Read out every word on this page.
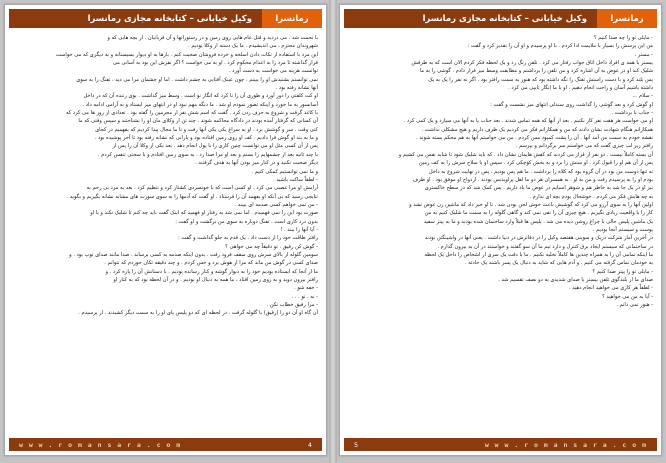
رمانسرا
وکیل خیابانی – کتابخانه مجازی رمانسرا

با تحمت شد . می دزدید و قتل عام هایی روی زمین و در رستورانها و آن قربانیان . از بچه هایی که و

شهروندان محترم ، می اندیشیدم . ما یک دسته از وکلا بودیم .

این مرد با استفاده از نکات دادن اسلحه و خرده فروشان صحبت کنم . بارها به او دیوار بسیستانه و به دیگری که می خواست

قرار گذاشته تا مرد را به اعدام محکوم کرد . او به می خواست ؟ اگر نفرش این بود به آسانی می

توانست هزینه می خواست به دست آورد .

نمی توانستم بشنیدش او را ببینم . چون عینک آفتابی به چشم داشت . اما او چشمان مرا می دید . تفنگ را به سوی

آنها نشانه رفته بود .

او کت کلفتی را دور آورد و طوری آن را تا کرد که انگار نو است . وسط میز گذاشت . بوی زننده آن که در داخل

آسانسور به ما خورد و اینکه تصور نمودم او شد . ما دیگه مهم نبود او در انتهای میز ایستاد و به آرامی ادامه داد .

با کاغذ گرفت و شروع به حرف زدن کرد . گفت که اسم شش نفر از مجرمین را گفته بود . تعدادی از روز ها می کرد که

آن کسانی که گرفتار آمده بودند در دادگاه محاکمه شوند . چند تن از وکلای مان او را نشناختند و سپس وقتی که ما

کنی وقت . سر و گوشش برد . او به سراغ یکی یکی آنها رفت و تا ما مجال پیدا کردیم که بفهمیم در کجای

و ما به بند او گوش فرا دادیم . کف او روی زمین افتاده بود و بارانی که نشانه رفته بود تا آخر پوشیده بود .

پس از آن کسی مثل او می توانست چنین کاری را با پول انجام دهد . بعد یکی از وکلا آن را پس از

با چند ثانیه بعد از چشمهایم را بستم و بعد او مرا صدا زد . به سوی زمین افتادم و با سختی تنفس کردم .

دیگر صحبت نکنید و در کنار میز بودن آنها به هدف گرفتند .

و ما نمی توانستیم کمکی کنیم .

- لطفاً ساکت باشید .

آرامش او مرا عصبی می کرد . او کسی است که با خونسردی کشتار کرد و تنظیم کرد . بعد به مرد بی رحم به

نتایجی رسید که بی آنکه او بفهمد آن را فرستاد . او گفت که آدمها را به سوی سورت های مشابه نشانه بگیریم و بگوید .

- من نمی خواهم کسی صدمه ای ببیند .

صورت بود این را نمی فهمیدم . اما نمی شد به رفتار او فهمید که اینک گفت باید چه کنم تا شلیک نکند و با او

بدون درد کاری است . تفنگ دوباره به سوی من برگشت و او گفت :

- آیا آنها را ببند . !

رافتر طاقت خود را از دست داد . یک قدم به جلو گذاشت و گفت :

- گوش کن رفیق . تو دقیقاً چه می خواهی ؟

سومین گلوله از بالای سرش روی سقف فرود رفت . بدون اینکه صدمه به کسی برساند . صدا مانند صدای توپ بود . و

صدای کسی در گوش من ماند که مرا از هوش برد و حس کردم . و چند دقیقه تکان خوردم که نتوانم .

ما از آنجا که ایستاده بودیم خود را به دیوار گوشه و کنار رسانده بودیم . با دستانش آن را پاره کرد . و

رافتر بیرون دوید و به روی زمین افتاد ، ما همه به دنبال او بودیم . و در آن لحظه بود که به کنار او

- خفه شو .

- نه . تو . . .

- مرا رفیق خطاب نکن .

آن گاه او آن دو را (رفیق) با گلوله گرفت . در لحظه ای که دو پلیس پای او را به سمت دیگر کشیدند . از پرسیدم .

w w w . r o m a n s a r a . c o m	4
رمانسرا
وکیل خیابانی – کتابخانه مجازی رمانسرا

- مایلی تو را چه صدا کنیم ؟

من این پرسش را بسیار با ملایمت ادا کردم . با او پرسیدم و او آن را تقدیر کرد و گفت :

- مستر .

بیستر با همه ی افراد داخل اتاق جواب رفتار می کرد . تلفن زنگ زد و یک لحظه فکر کردم الان است که به طرفش

شلیک کند او در عوض به آن اشاره کرد و من تلفن را برداشتم و مطابقت وسط میز قرار دادم . گوشی را به ما

پس بلند کرد و با دست راستش تفنگ را نگه داشته بود که هنوز به سمت رافتر بود . اگر نه نفر را یک به یک

داشته باشیم آسان و راحت انجام دهیم . او با ما انگار تایپی می کرد .

- سلام ...

او گوش کرد و بعد گوشی را گذاشت روی سندلی انتهای میز نشست و گفت :

- جناب با برداشت .

او می خواست هر هفت نفر کار بکنیم . بعد از آنها که همه تماس شدند . بعد جناب پا به آنها می سپارد و یک کمی کرد .

همکارانم هنگام شهادت نشان دادند که من و همکارانم فکر می کردیم یک ظرف داریم و هیچ مشکلی نداشت .

نقشه خودم به سمت من آمد آنها . آن را پشت کمپود مس کردم . من می خواستم آنها به هم محکم بسته شوند .

رافتر زیر لب چیزی گفت که می خواستم سر برگردانم و بپرسم .

آن بسته کاملاً نیست . دو نفر از قرار می کردند که کفش هایمان نشان داد . که باید شلیک شود تا شاید نفس می کشیم و

پس از آن هم او را قبول کرد . او سنش را برد و به بخش کوچکی کرد . سپس او با سلاح سرش را به کف زمین

نه تنها دوست من بود در آن گروه بود که کلاه را برداشت . ما هم پس بودیم . پس در نهایت شروع به داخل

بودم او را به پرسیدم رفت و من به او . به همسران هر دو ما اهل پراویدنس بودند . ازدواج او موفق بود . او ظرف

نیز او در یک جا شد به خاطر هم و شوهر اسبابم در عوض ما یاد داریم . پس کمک شد که در سطح خاکستری

به چه هایش فکر می کردم . خوشحال بودم بچه ای ندارم .

اولین آنها را به سوی آرزو می کرد که گوشیش باعث خوش لحن بودن شد . تا او خبر داد که ماشین زن عوض نشد و

کار را با واقعیت زیادی نگیریم . هیچ چیزی آن را نفی نمی کند و گاهی گلوله را به سمت ما شلیک کنیم به من

یک ماشین پلیس حالی با چراغ روشن دیده می شد . پلیس ها قبلاً وارد ساختمان شده بودند و ما به پیتر سفید

پوست و سیستم آنجا بودیم .

در آخرین آمار شرکت دریک و سوینی هفتصد وکیل را در دفاترش در دنیا داشت . یعنی آنها در واشینگتن بودند

در ساختمانی که سیستم ایجاد برق کنترل و دارد تیم ما آن سو گفتند و خواستند در آن به بیرون گذارم .

ما اینکه تمامی آن را به همراه چندین ها کاملاً تخلیه نکنیم . ما با دقت یک سری از اشخاص را داخل یک لحظه

به خودمان تماس گرفته می کنیم . و آدم هایی که شاید به دنبال یک پسر باشند یک حادثه .

- مایلی تو را پیتر صدا کنیم ؟

صدای ما از بلندگوی تلفن بیستر با صدای شدیدی به دو نصف تقسیم شد .

- لطفاً هر کاری می خواهید انجام دهید .

- آیا به من می خواهید ؟

- هنوز نمی دانم .

5	w w w . r o m a n s a r a . c o m
